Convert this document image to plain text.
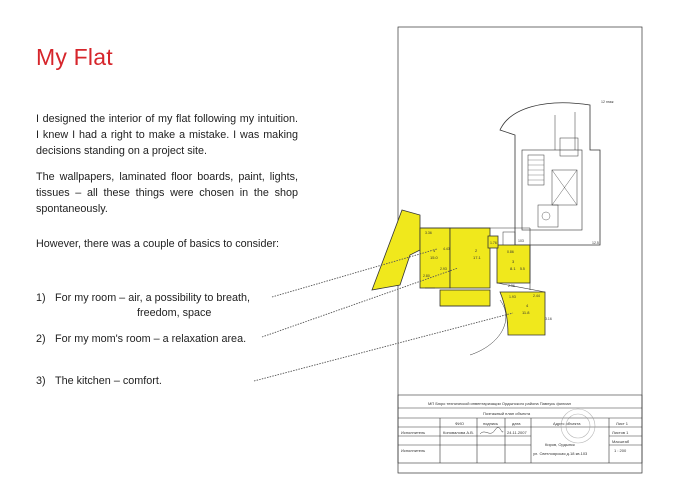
My Flat
I designed the interior of my flat following my intuition. I knew I had a right to make a mistake. I was making decisions standing on a project site.
The wallpapers, laminated floor boards, paint, lights, tissues – all these things were chosen in the shop spontaneously.
However, there was a couple of basics to consider:
1) For my room – air, a possibility to breath,
freedom, space
2) For my mom's room – a relaxation area.
3) The kitchen – comfort.
12 этаж
103
1
15.0
2
17.1
3
8.1
4
11.8
3.36
4.43
2.80
2.93
0.86
5.5
1.76
2.36
2.44
1.93
3.16
12.5
МП Бюро технической инвентаризации Ордынского района Павлусь филиал
Поэтажный план объекта
ФИО	подпись	дата	Адрес объекта	Лист 1
Исполнитель	Коновалова А.В.	24.11.2007
Исполнитель
Киров, Ордынск
ул. Светлоярская д.18 кв.103
Листов 1
Масштаб
1 : 200
